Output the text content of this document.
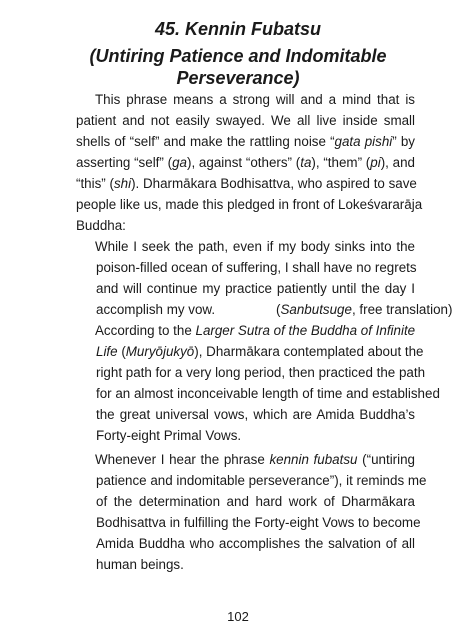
45. Kennin Fubatsu
(Untiring Patience and Indomitable Perseverance)

This phrase means a strong will and a mind that is

patient and not easily swayed. We all live inside small

shells of “self” and make the rattling noise “gata pishi” by

asserting “self” (ga), against “others” (ta), “them” (pi), and

“this” (shi). Dharmākara Bodhisattva, who aspired to save

people like us, made this pledged in front of Lokeśvararāja

Buddha:

While I seek the path, even if my body sinks into the

poison-filled ocean of suffering, I shall have no regrets

and will continue my practice patiently until the day I

accomplish my vow.	(Sanbutsuge, free translation)

According to the Larger Sutra of the Buddha of Infinite

Life (Muryōjukyō), Dharmākara contemplated about the

right path for a very long period, then practiced the path

for an almost inconceivable length of time and established

the great universal vows, which are Amida Buddha’s

Forty-eight Primal Vows.

Whenever I hear the phrase kennin fubatsu (“untiring

patience and indomitable perseverance”), it reminds me

of the determination and hard work of Dharmākara

Bodhisattva in fulfilling the Forty-eight Vows to become

Amida Buddha who accomplishes the salvation of all

human beings.

102
